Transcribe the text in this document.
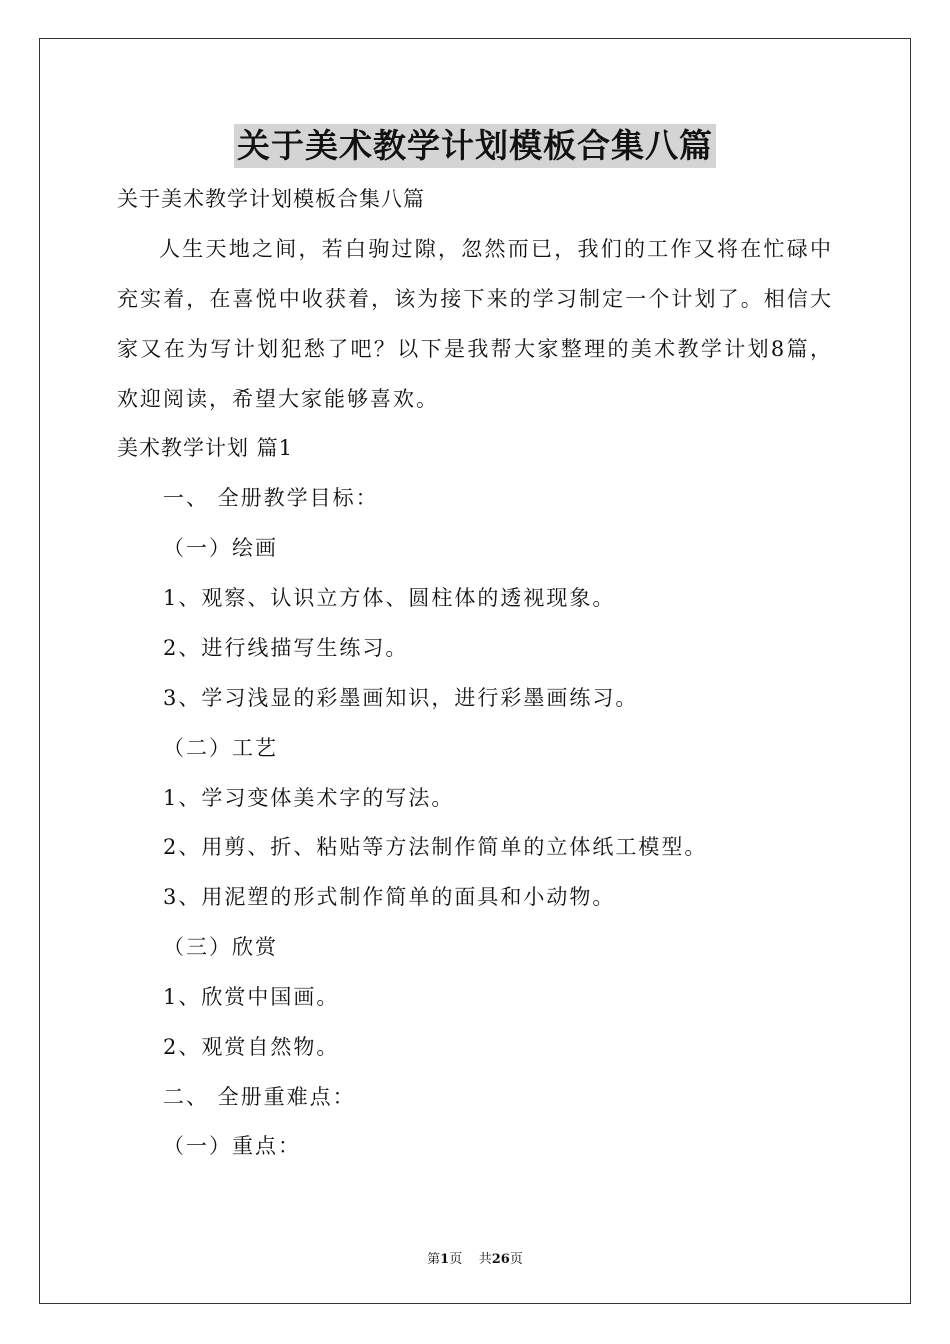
关于美术教学计划模板合集八篇
关于美术教学计划模板合集八篇
人生天地之间，若白驹过隙，忽然而已，我们的工作又将在忙碌中充实着，在喜悦中收获着，该为接下来的学习制定一个计划了。相信大家又在为写计划犯愁了吧？以下是我帮大家整理的美术教学计划8篇，欢迎阅读，希望大家能够喜欢。
美术教学计划 篇1
一、 全册教学目标：
（一）绘画
1、观察、认识立方体、圆柱体的透视现象。
2、进行线描写生练习。
3、学习浅显的彩墨画知识，进行彩墨画练习。
（二）工艺
1、学习变体美术字的写法。
2、用剪、折、粘贴等方法制作简单的立体纸工模型。
3、用泥塑的形式制作简单的面具和小动物。
（三）欣赏
1、欣赏中国画。
2、观赏自然物。
二、 全册重难点：
（一）重点：
第1页 共26页
